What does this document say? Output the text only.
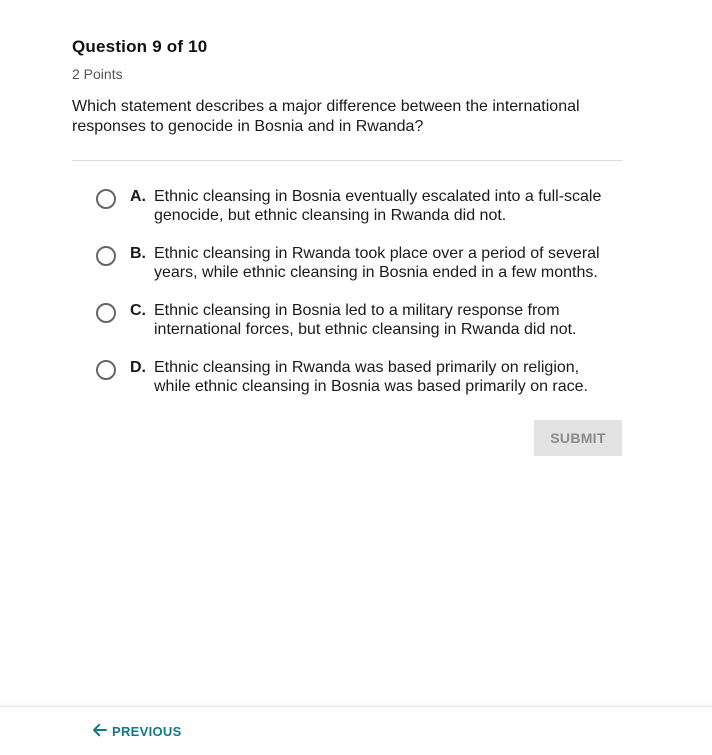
Question 9 of 10
2 Points
Which statement describes a major difference between the international responses to genocide in Bosnia and in Rwanda?
A. Ethnic cleansing in Bosnia eventually escalated into a full-scale genocide, but ethnic cleansing in Rwanda did not.
B. Ethnic cleansing in Rwanda took place over a period of several years, while ethnic cleansing in Bosnia ended in a few months.
C. Ethnic cleansing in Bosnia led to a military response from international forces, but ethnic cleansing in Rwanda did not.
D. Ethnic cleansing in Rwanda was based primarily on religion, while ethnic cleansing in Bosnia was based primarily on race.
SUBMIT
PREVIOUS
